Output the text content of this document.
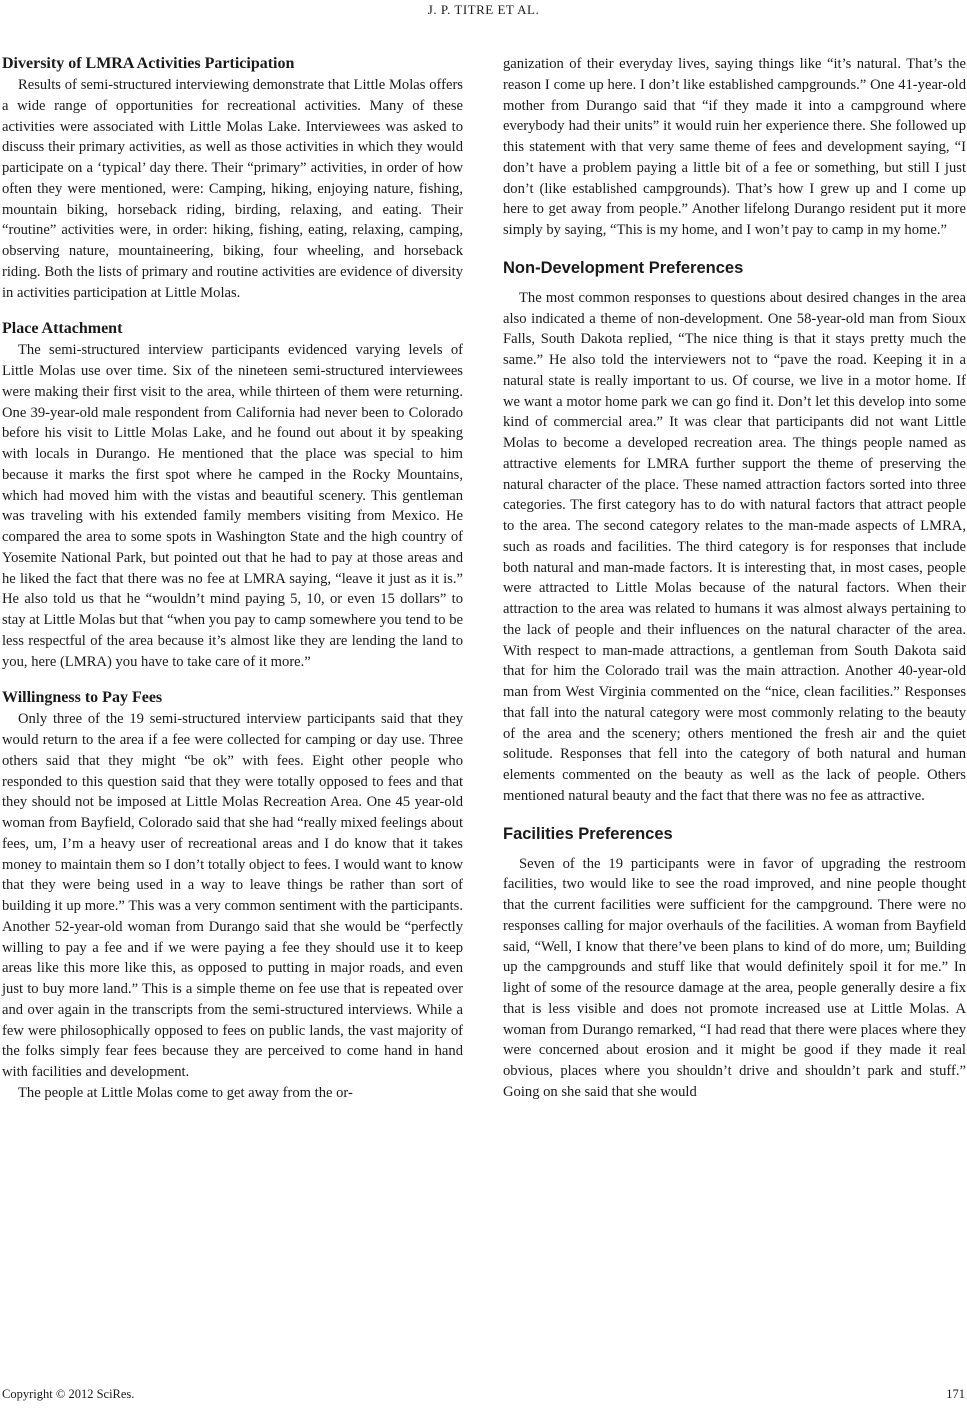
J. P. TITRE ET AL.
Diversity of LMRA Activities Participation

Results of semi-structured interviewing demonstrate that Little Molas offers a wide range of opportunities for recreational activities. Many of these activities were associated with Little Molas Lake. Interviewees was asked to discuss their primary activities, as well as those activities in which they would participate on a ‘typical’ day there. Their “primary” activities, in order of how often they were mentioned, were: Camping, hiking, enjoying nature, fishing, mountain biking, horseback riding, birding, relaxing, and eating. Their “routine” activities were, in order: hiking, fishing, eating, relaxing, camping, observing nature, mountaineering, biking, four wheeling, and horseback riding. Both the lists of primary and routine activities are evidence of diversity in activities participation at Little Molas.

Place Attachment

The semi-structured interview participants evidenced varying levels of Little Molas use over time. Six of the nineteen semi-structured interviewees were making their first visit to the area, while thirteen of them were returning. One 39-year-old male respondent from California had never been to Colorado before his visit to Little Molas Lake, and he found out about it by speaking with locals in Durango. He mentioned that the place was special to him because it marks the first spot where he camped in the Rocky Mountains, which had moved him with the vistas and beautiful scenery. This gentleman was traveling with his extended family members visiting from Mexico. He compared the area to some spots in Washington State and the high country of Yosemite National Park, but pointed out that he had to pay at those areas and he liked the fact that there was no fee at LMRA saying, “leave it just as it is.” He also told us that he “wouldn’t mind paying 5, 10, or even 15 dollars” to stay at Little Molas but that “when you pay to camp somewhere you tend to be less respectful of the area because it’s almost like they are lending the land to you, here (LMRA) you have to take care of it more.”

Willingness to Pay Fees

Only three of the 19 semi-structured interview participants said that they would return to the area if a fee were collected for camping or day use. Three others said that they might “be ok” with fees. Eight other people who responded to this question said that they were totally opposed to fees and that they should not be imposed at Little Molas Recreation Area. One 45 year-old woman from Bayfield, Colorado said that she had “really mixed feelings about fees, um, I’m a heavy user of recreational areas and I do know that it takes money to maintain them so I don’t totally object to fees. I would want to know that they were being used in a way to leave things be rather than sort of building it up more.” This was a very common sentiment with the participants. Another 52-year-old woman from Durango said that she would be “perfectly willing to pay a fee and if we were paying a fee they should use it to keep areas like this more like this, as opposed to putting in major roads, and even just to buy more land.” This is a simple theme on fee use that is repeated over and over again in the transcripts from the semi-structured interviews. While a few were philosophically opposed to fees on public lands, the vast majority of the folks simply fear fees because they are perceived to come hand in hand with facilities and development.

The people at Little Molas come to get away from the or-

ganization of their everyday lives, saying things like “it’s natural. That’s the reason I come up here. I don’t like established campgrounds.” One 41-year-old mother from Durango said that “if they made it into a campground where everybody had their units” it would ruin her experience there. She followed up this statement with that very same theme of fees and development saying, “I don’t have a problem paying a little bit of a fee or something, but still I just don’t (like established campgrounds). That’s how I grew up and I come up here to get away from people.” Another lifelong Durango resident put it more simply by saying, “This is my home, and I won’t pay to camp in my home.”

Non-Development Preferences

The most common responses to questions about desired changes in the area also indicated a theme of non-development. One 58-year-old man from Sioux Falls, South Dakota replied, “The nice thing is that it stays pretty much the same.” He also told the interviewers not to “pave the road. Keeping it in a natural state is really important to us. Of course, we live in a motor home. If we want a motor home park we can go find it. Don’t let this develop into some kind of commercial area.” It was clear that participants did not want Little Molas to become a developed recreation area. The things people named as attractive elements for LMRA further support the theme of preserving the natural character of the place. These named attraction factors sorted into three categories. The first category has to do with natural factors that attract people to the area. The second category relates to the man-made aspects of LMRA, such as roads and facilities. The third category is for responses that include both natural and man-made factors. It is interesting that, in most cases, people were attracted to Little Molas because of the natural factors. When their attraction to the area was related to humans it was almost always pertaining to the lack of people and their influences on the natural character of the area. With respect to man-made attractions, a gentleman from South Dakota said that for him the Colorado trail was the main attraction. Another 40-year-old man from West Virginia commented on the “nice, clean facilities.” Responses that fall into the natural category were most commonly relating to the beauty of the area and the scenery; others mentioned the fresh air and the quiet solitude. Responses that fell into the category of both natural and human elements commented on the beauty as well as the lack of people. Others mentioned natural beauty and the fact that there was no fee as attractive.

Facilities Preferences

Seven of the 19 participants were in favor of upgrading the restroom facilities, two would like to see the road improved, and nine people thought that the current facilities were sufficient for the campground. There were no responses calling for major overhauls of the facilities. A woman from Bayfield said, “Well, I know that there’ve been plans to kind of do more, um; Building up the campgrounds and stuff like that would definitely spoil it for me.” In light of some of the resource damage at the area, people generally desire a fix that is less visible and does not promote increased use at Little Molas. A woman from Durango remarked, “I had read that there were places where they were concerned about erosion and it might be good if they made it real obvious, places where you shouldn’t drive and shouldn’t park and stuff.” Going on she said that she would

Copyright © 2012 SciRes.	171
